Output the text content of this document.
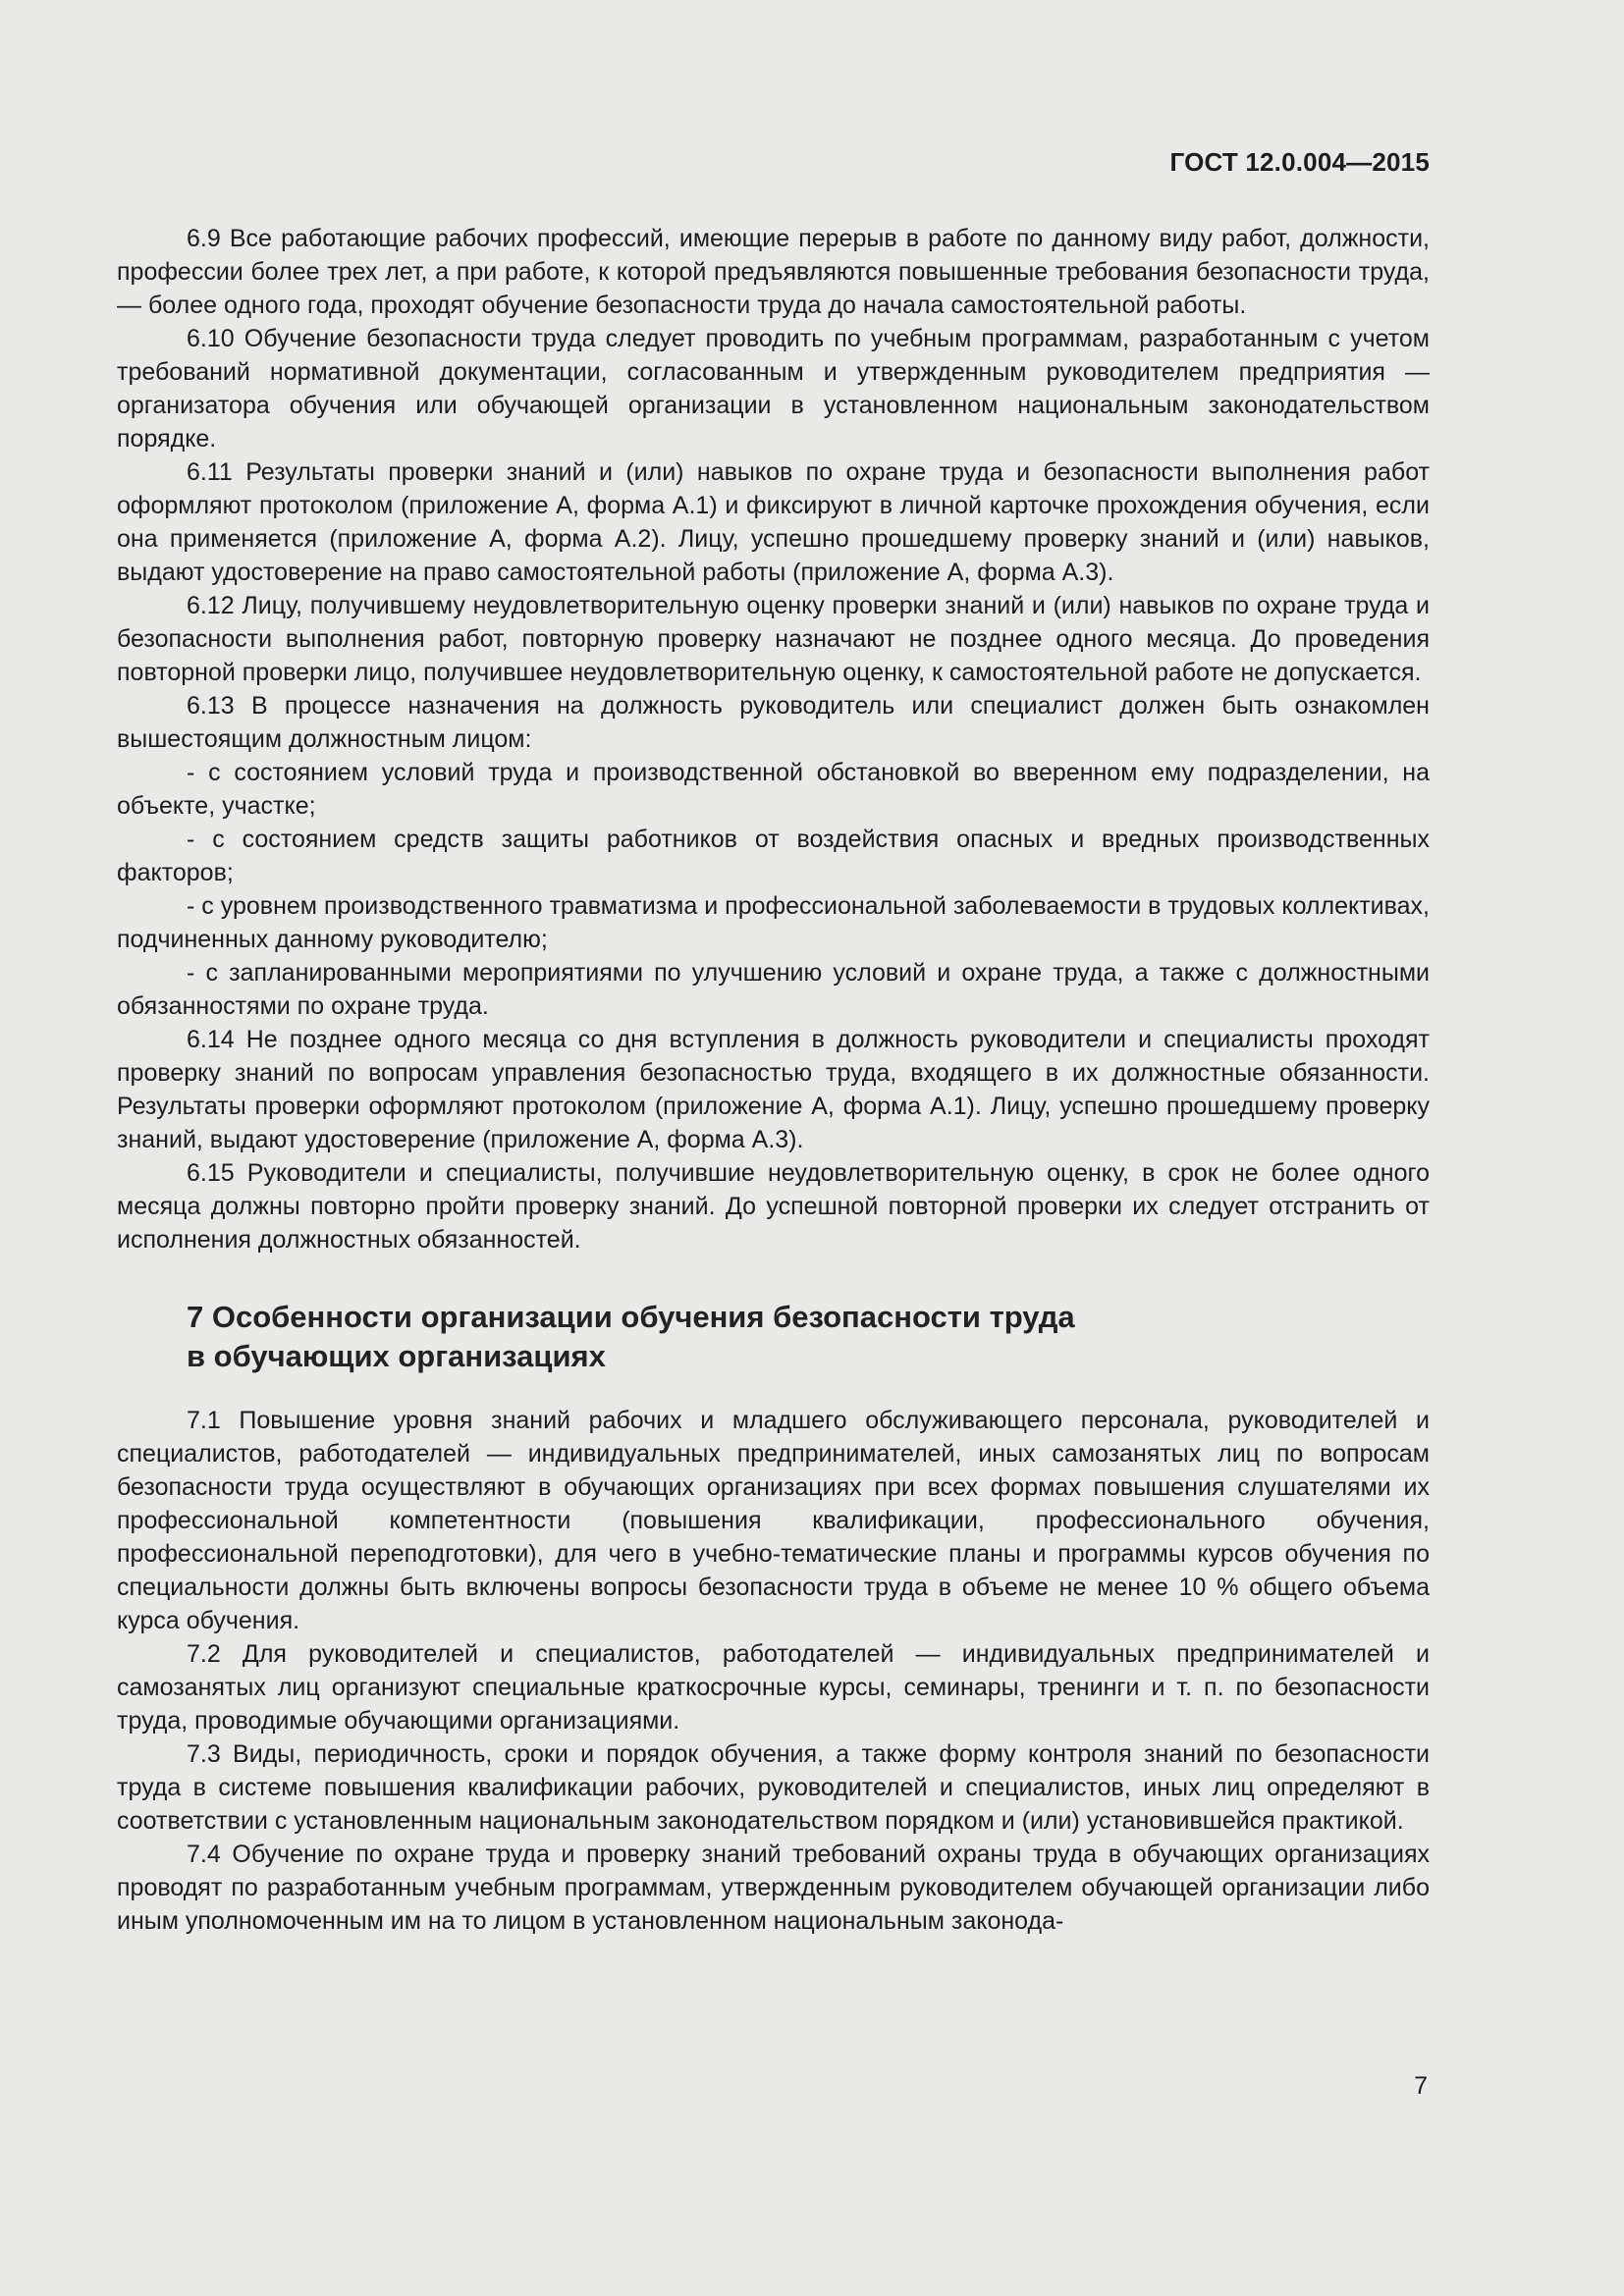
ГОСТ 12.0.004—2015

6.9 Все работающие рабочих профессий, имеющие перерыв в работе по данному виду работ, должности, профессии более трех лет, а при работе, к которой предъявляются повышенные требования безопасности труда, — более одного года, проходят обучение безопасности труда до начала самостоятельной работы.

6.10 Обучение безопасности труда следует проводить по учебным программам, разработанным с учетом требований нормативной документации, согласованным и утвержденным руководителем предприятия — организатора обучения или обучающей организации в установленном национальным законодательством порядке.

6.11 Результаты проверки знаний и (или) навыков по охране труда и безопасности выполнения работ оформляют протоколом (приложение А, форма А.1) и фиксируют в личной карточке прохождения обучения, если она применяется (приложение А, форма А.2). Лицу, успешно прошедшему проверку знаний и (или) навыков, выдают удостоверение на право самостоятельной работы (приложение А, форма А.3).

6.12 Лицу, получившему неудовлетворительную оценку проверки знаний и (или) навыков по охране труда и безопасности выполнения работ, повторную проверку назначают не позднее одного месяца. До проведения повторной проверки лицо, получившее неудовлетворительную оценку, к самостоятельной работе не допускается.

6.13 В процессе назначения на должность руководитель или специалист должен быть ознакомлен вышестоящим должностным лицом:

- с состоянием условий труда и производственной обстановкой во вверенном ему подразделении, на объекте, участке;

- с состоянием средств защиты работников от воздействия опасных и вредных производственных факторов;

- с уровнем производственного травматизма и профессиональной заболеваемости в трудовых коллективах, подчиненных данному руководителю;

- с запланированными мероприятиями по улучшению условий и охране труда, а также с должностными обязанностями по охране труда.

6.14 Не позднее одного месяца со дня вступления в должность руководители и специалисты проходят проверку знаний по вопросам управления безопасностью труда, входящего в их должностные обязанности. Результаты проверки оформляют протоколом (приложение А, форма А.1). Лицу, успешно прошедшему проверку знаний, выдают удостоверение (приложение А, форма А.3).

6.15 Руководители и специалисты, получившие неудовлетворительную оценку, в срок не более одного месяца должны повторно пройти проверку знаний. До успешной повторной проверки их следует отстранить от исполнения должностных обязанностей.

7 Особенности организации обучения безопасности труда
в обучающих организациях

7.1 Повышение уровня знаний рабочих и младшего обслуживающего персонала, руководителей и специалистов, работодателей — индивидуальных предпринимателей, иных самозанятых лиц по вопросам безопасности труда осуществляют в обучающих организациях при всех формах повышения слушателями их профессиональной компетентности (повышения квалификации, профессионального обучения, профессиональной переподготовки), для чего в учебно-тематические планы и программы курсов обучения по специальности должны быть включены вопросы безопасности труда в объеме не менее 10 % общего объема курса обучения.

7.2 Для руководителей и специалистов, работодателей — индивидуальных предпринимателей и самозанятых лиц организуют специальные краткосрочные курсы, семинары, тренинги и т. п. по безопасности труда, проводимые обучающими организациями.

7.3 Виды, периодичность, сроки и порядок обучения, а также форму контроля знаний по безопасности труда в системе повышения квалификации рабочих, руководителей и специалистов, иных лиц определяют в соответствии с установленным национальным законодательством порядком и (или) установившейся практикой.

7.4 Обучение по охране труда и проверку знаний требований охраны труда в обучающих организациях проводят по разработанным учебным программам, утвержденным руководителем обучающей организации либо иным уполномоченным им на то лицом в установленном национальным законода-

7
